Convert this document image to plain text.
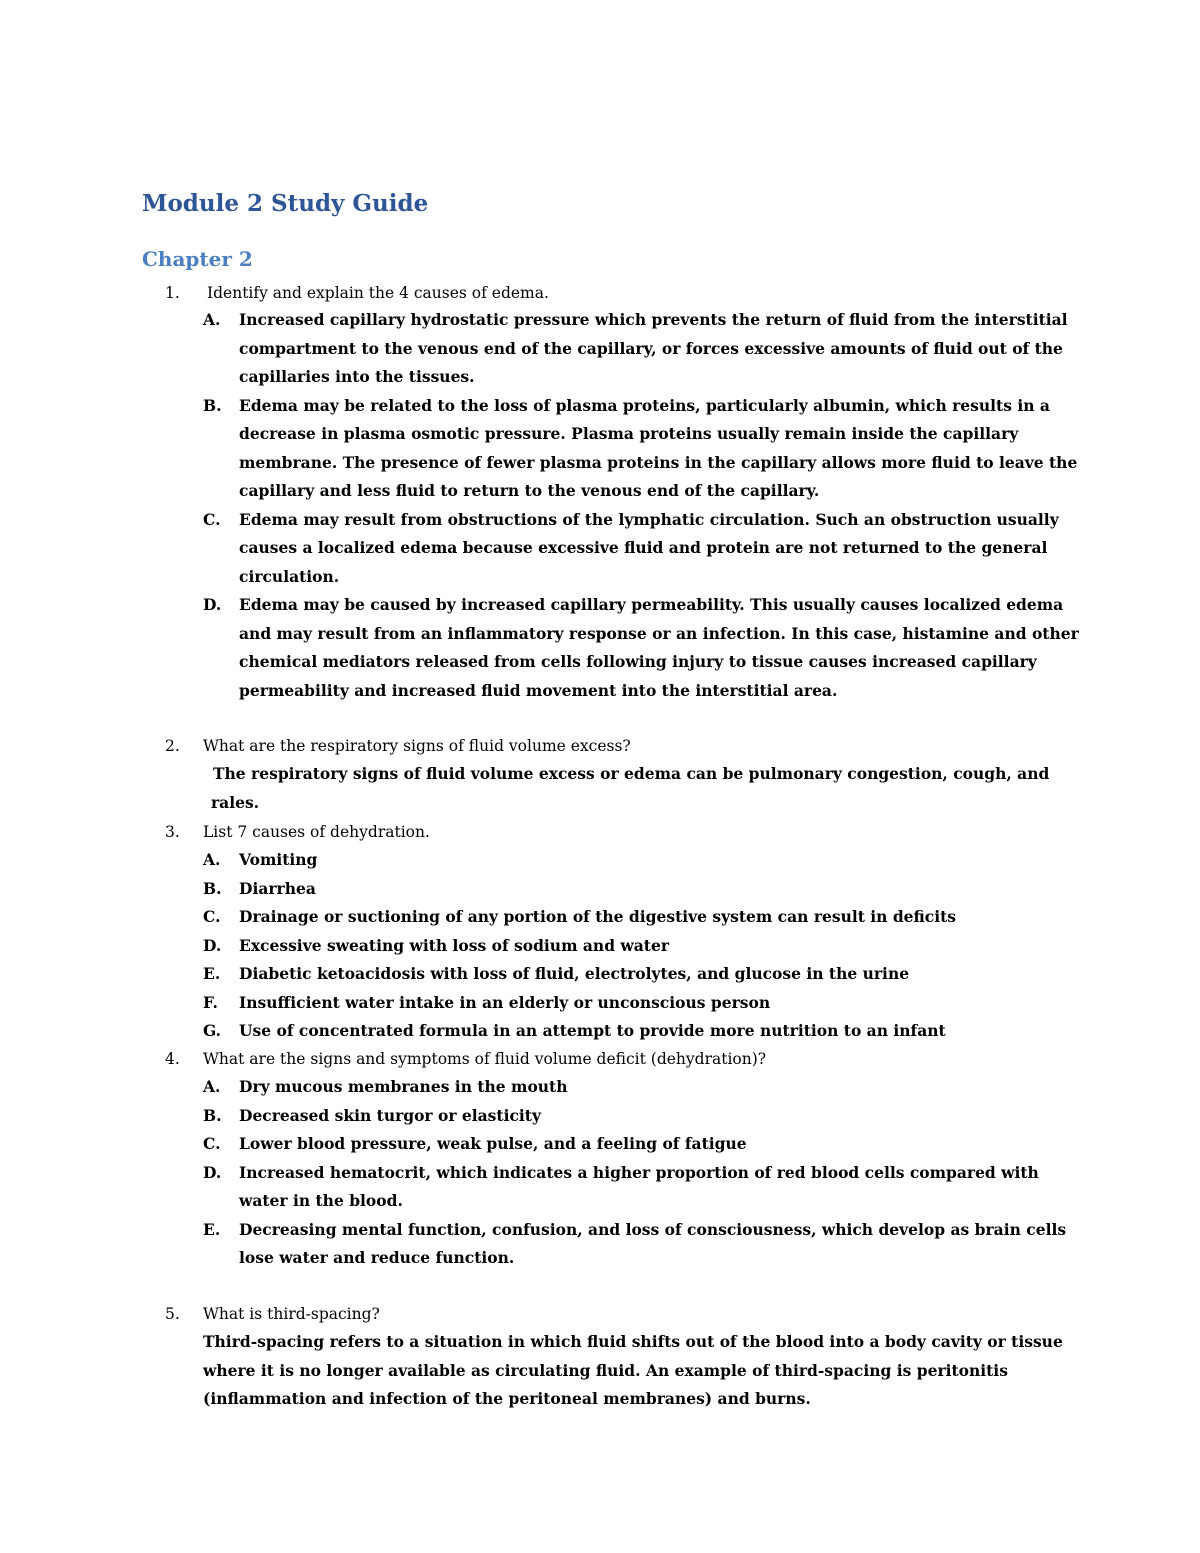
Module 2 Study Guide
Chapter 2
1. Identify and explain the 4 causes of edema.
A. Increased capillary hydrostatic pressure which prevents the return of fluid from the interstitial compartment to the venous end of the capillary, or forces excessive amounts of fluid out of the capillaries into the tissues.
B. Edema may be related to the loss of plasma proteins, particularly albumin, which results in a decrease in plasma osmotic pressure. Plasma proteins usually remain inside the capillary membrane. The presence of fewer plasma proteins in the capillary allows more fluid to leave the capillary and less fluid to return to the venous end of the capillary.
C. Edema may result from obstructions of the lymphatic circulation. Such an obstruction usually causes a localized edema because excessive fluid and protein are not returned to the general circulation.
D. Edema may be caused by increased capillary permeability. This usually causes localized edema and may result from an inflammatory response or an infection. In this case, histamine and other chemical mediators released from cells following injury to tissue causes increased capillary permeability and increased fluid movement into the interstitial area.
2. What are the respiratory signs of fluid volume excess?

The respiratory signs of fluid volume excess or edema can be pulmonary congestion, cough, and rales.

3. List 7 causes of dehydration.
A. Vomiting
B. Diarrhea
C. Drainage or suctioning of any portion of the digestive system can result in deficits
D. Excessive sweating with loss of sodium and water
E. Diabetic ketoacidosis with loss of fluid, electrolytes, and glucose in the urine
F. Insufficient water intake in an elderly or unconscious person
G. Use of concentrated formula in an attempt to provide more nutrition to an infant
4. What are the signs and symptoms of fluid volume deficit (dehydration)?
A. Dry mucous membranes in the mouth
B. Decreased skin turgor or elasticity
C. Lower blood pressure, weak pulse, and a feeling of fatigue
D. Increased hematocrit, which indicates a higher proportion of red blood cells compared with water in the blood.
E. Decreasing mental function, confusion, and loss of consciousness, which develop as brain cells lose water and reduce function.
5. What is third-spacing?

Third-spacing refers to a situation in which fluid shifts out of the blood into a body cavity or tissue where it is no longer available as circulating fluid. An example of third-spacing is peritonitis (inflammation and infection of the peritoneal membranes) and burns.
